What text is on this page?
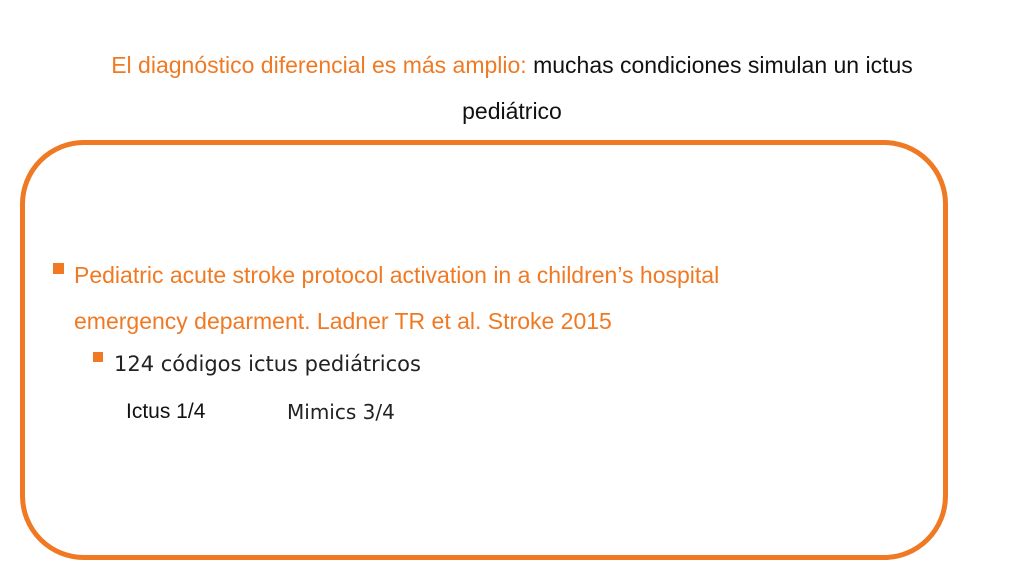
El diagnóstico diferencial es más amplio: muchas condiciones simulan un ictus
pediátrico
Pediatric acute stroke protocol activation in a children’s hospital
emergency deparment. Ladner TR et al. Stroke 2015
124 códigos ictus pediátricos
Ictus 1/4	Mimics 3/4
